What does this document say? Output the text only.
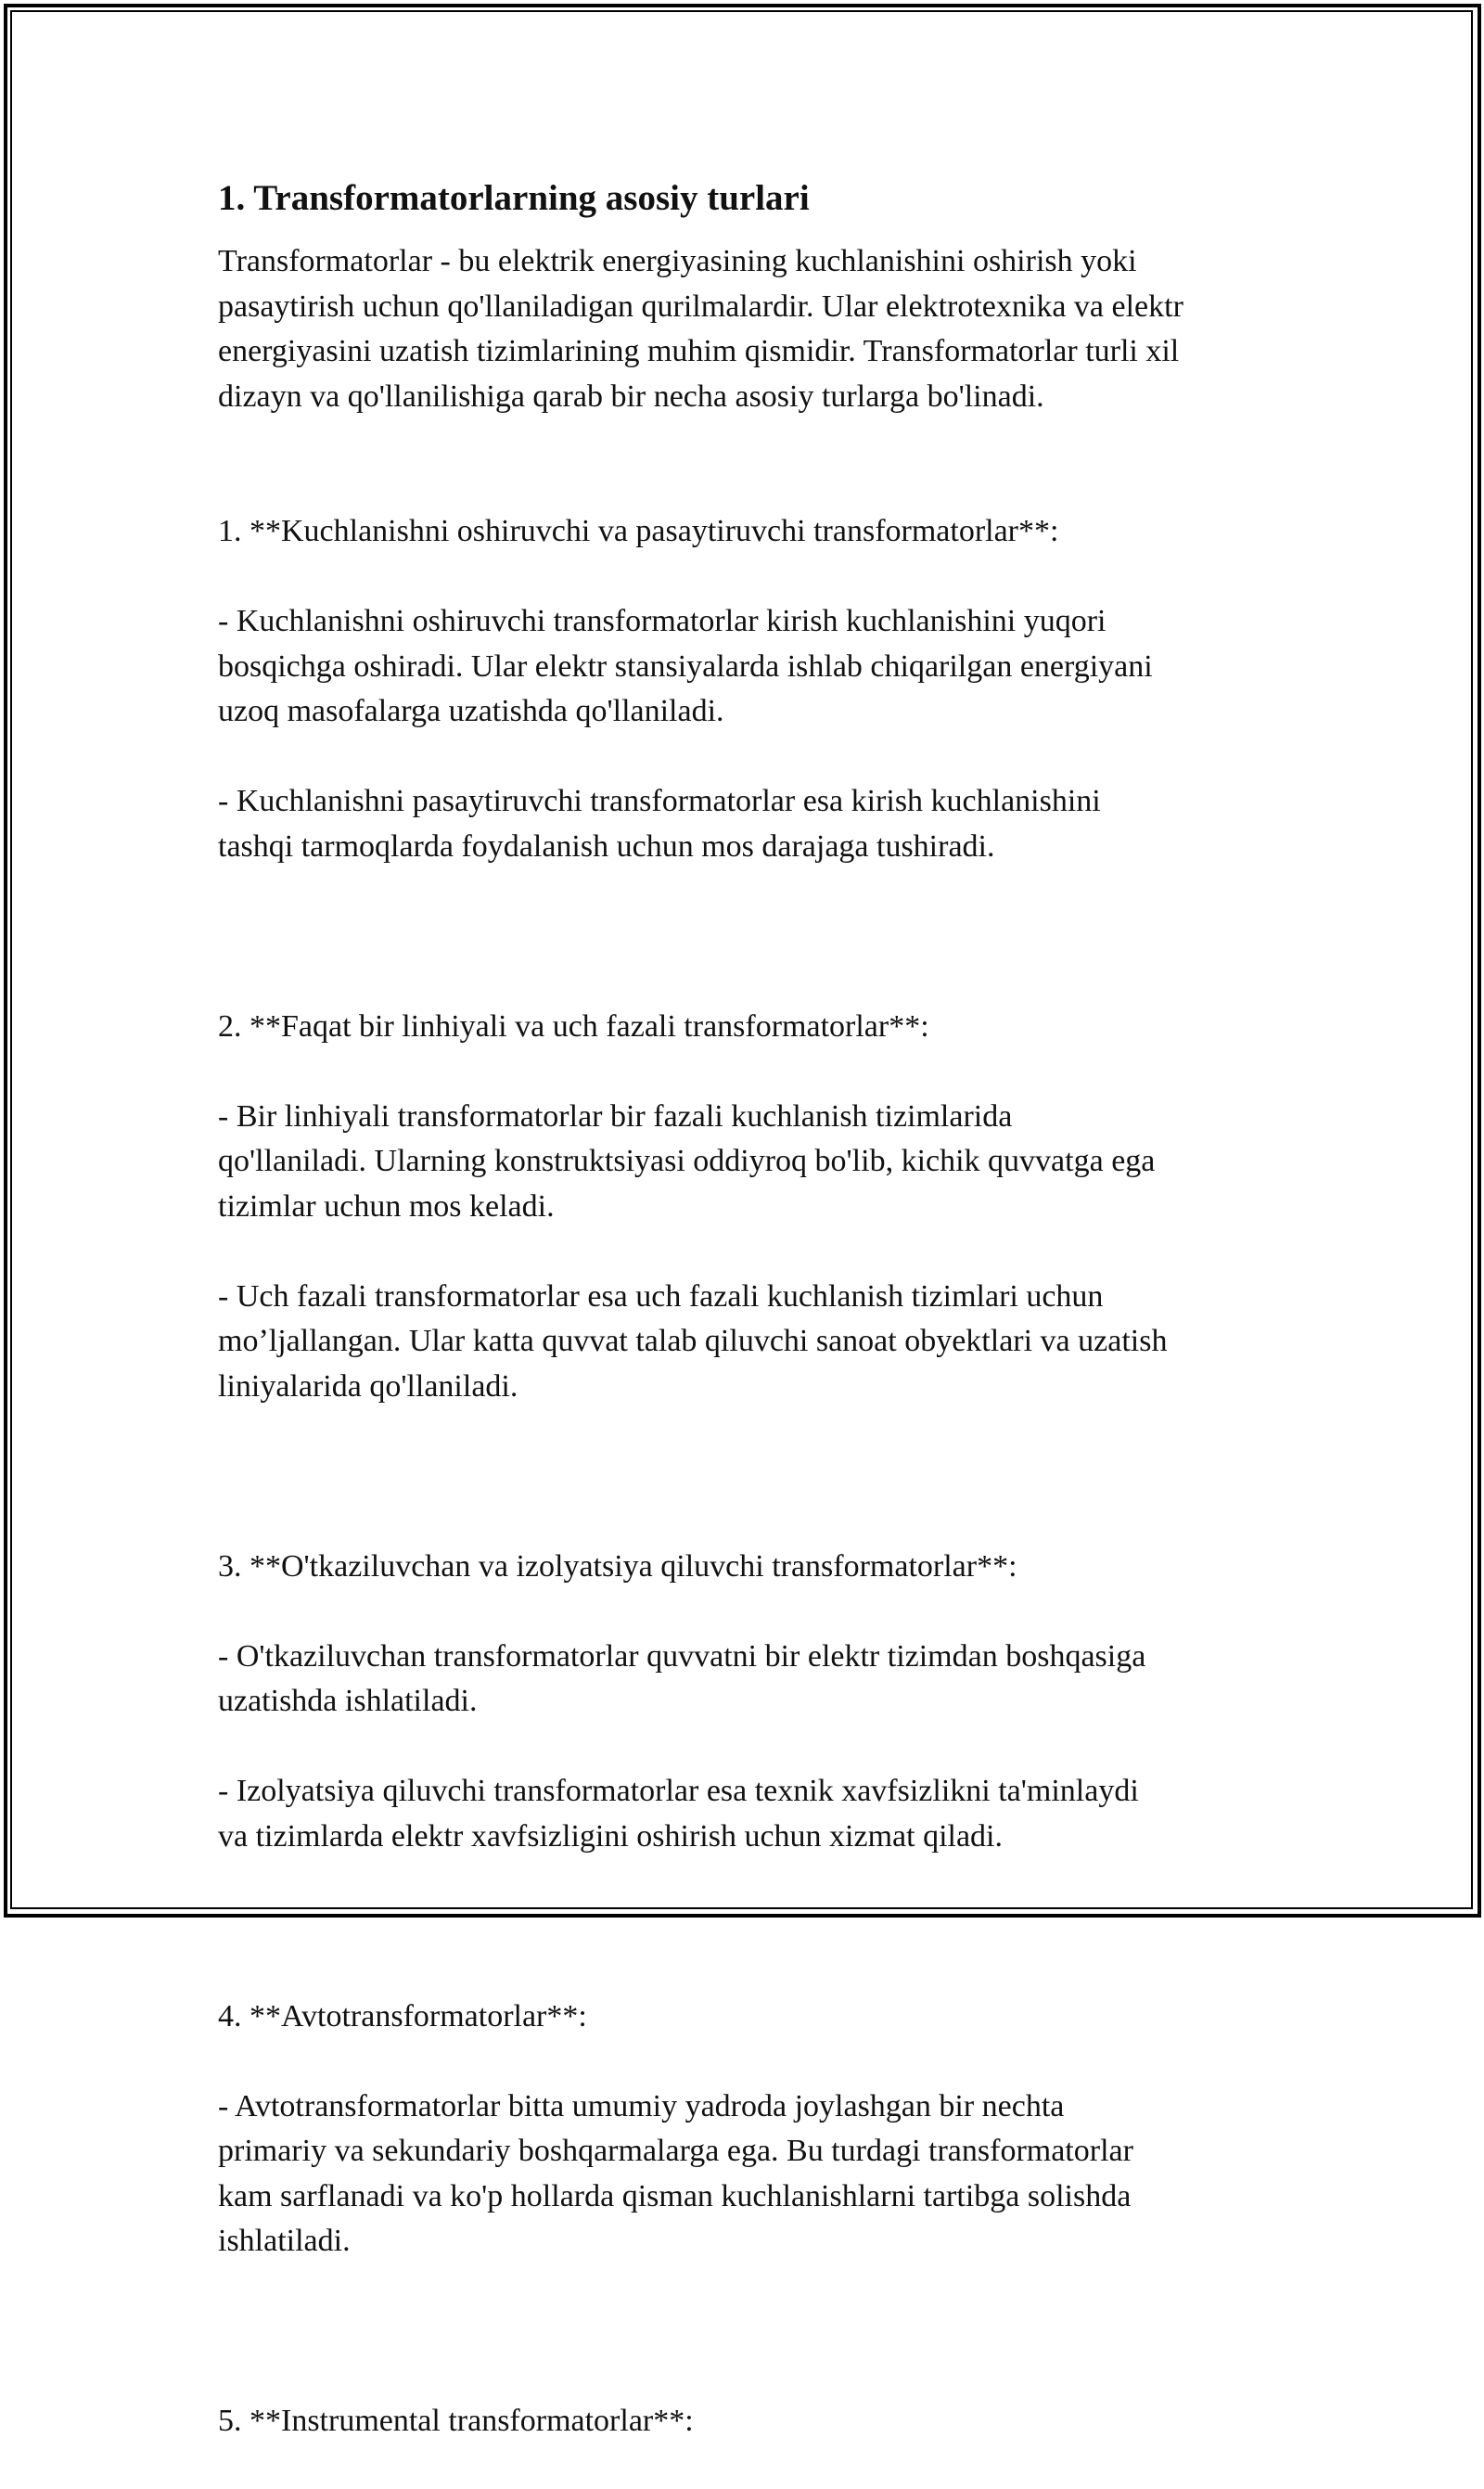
1. Transformatorlarning asosiy turlari

Transformatorlar - bu elektrik energiyasining kuchlanishini oshirish yoki
pasaytirish uchun qo'llaniladigan qurilmalardir. Ular elektrotexnika va elektr
energiyasini uzatish tizimlarining muhim qismidir. Transformatorlar turli xil
dizayn va qo'llanilishiga qarab bir necha asosiy turlarga bo'linadi.

1. **Kuchlanishni oshiruvchi va pasaytiruvchi transformatorlar**:

- Kuchlanishni oshiruvchi transformatorlar kirish kuchlanishini yuqori
bosqichga oshiradi. Ular elektr stansiyalarda ishlab chiqarilgan energiyani
uzoq masofalarga uzatishda qo'llaniladi.

- Kuchlanishni pasaytiruvchi transformatorlar esa kirish kuchlanishini
tashqi tarmoqlarda foydalanish uchun mos darajaga tushiradi.

2. **Faqat bir linhiyali va uch fazali transformatorlar**:

- Bir linhiyali transformatorlar bir fazali kuchlanish tizimlarida
qo'llaniladi. Ularning konstruktsiyasi oddiyroq bo'lib, kichik quvvatga ega
tizimlar uchun mos keladi.

- Uch fazali transformatorlar esa uch fazali kuchlanish tizimlari uchun
moʼljallangan. Ular katta quvvat talab qiluvchi sanoat obyektlari va uzatish
liniyalarida qo'llaniladi.

3. **O'tkaziluvchan va izolyatsiya qiluvchi transformatorlar**:

- O'tkaziluvchan transformatorlar quvvatni bir elektr tizimdan boshqasiga
uzatishda ishlatiladi.

- Izolyatsiya qiluvchi transformatorlar esa texnik xavfsizlikni ta'minlaydi
va tizimlarda elektr xavfsizligini oshirish uchun xizmat qiladi.

4. **Avtotransformatorlar**:

- Avtotransformatorlar bitta umumiy yadroda joylashgan bir nechta
primariy va sekundariy boshqarmalarga ega. Bu turdagi transformatorlar
kam sarflanadi va ko'p hollarda qisman kuchlanishlarni tartibga solishda
ishlatiladi.

5. **Instrumental transformatorlar**:
